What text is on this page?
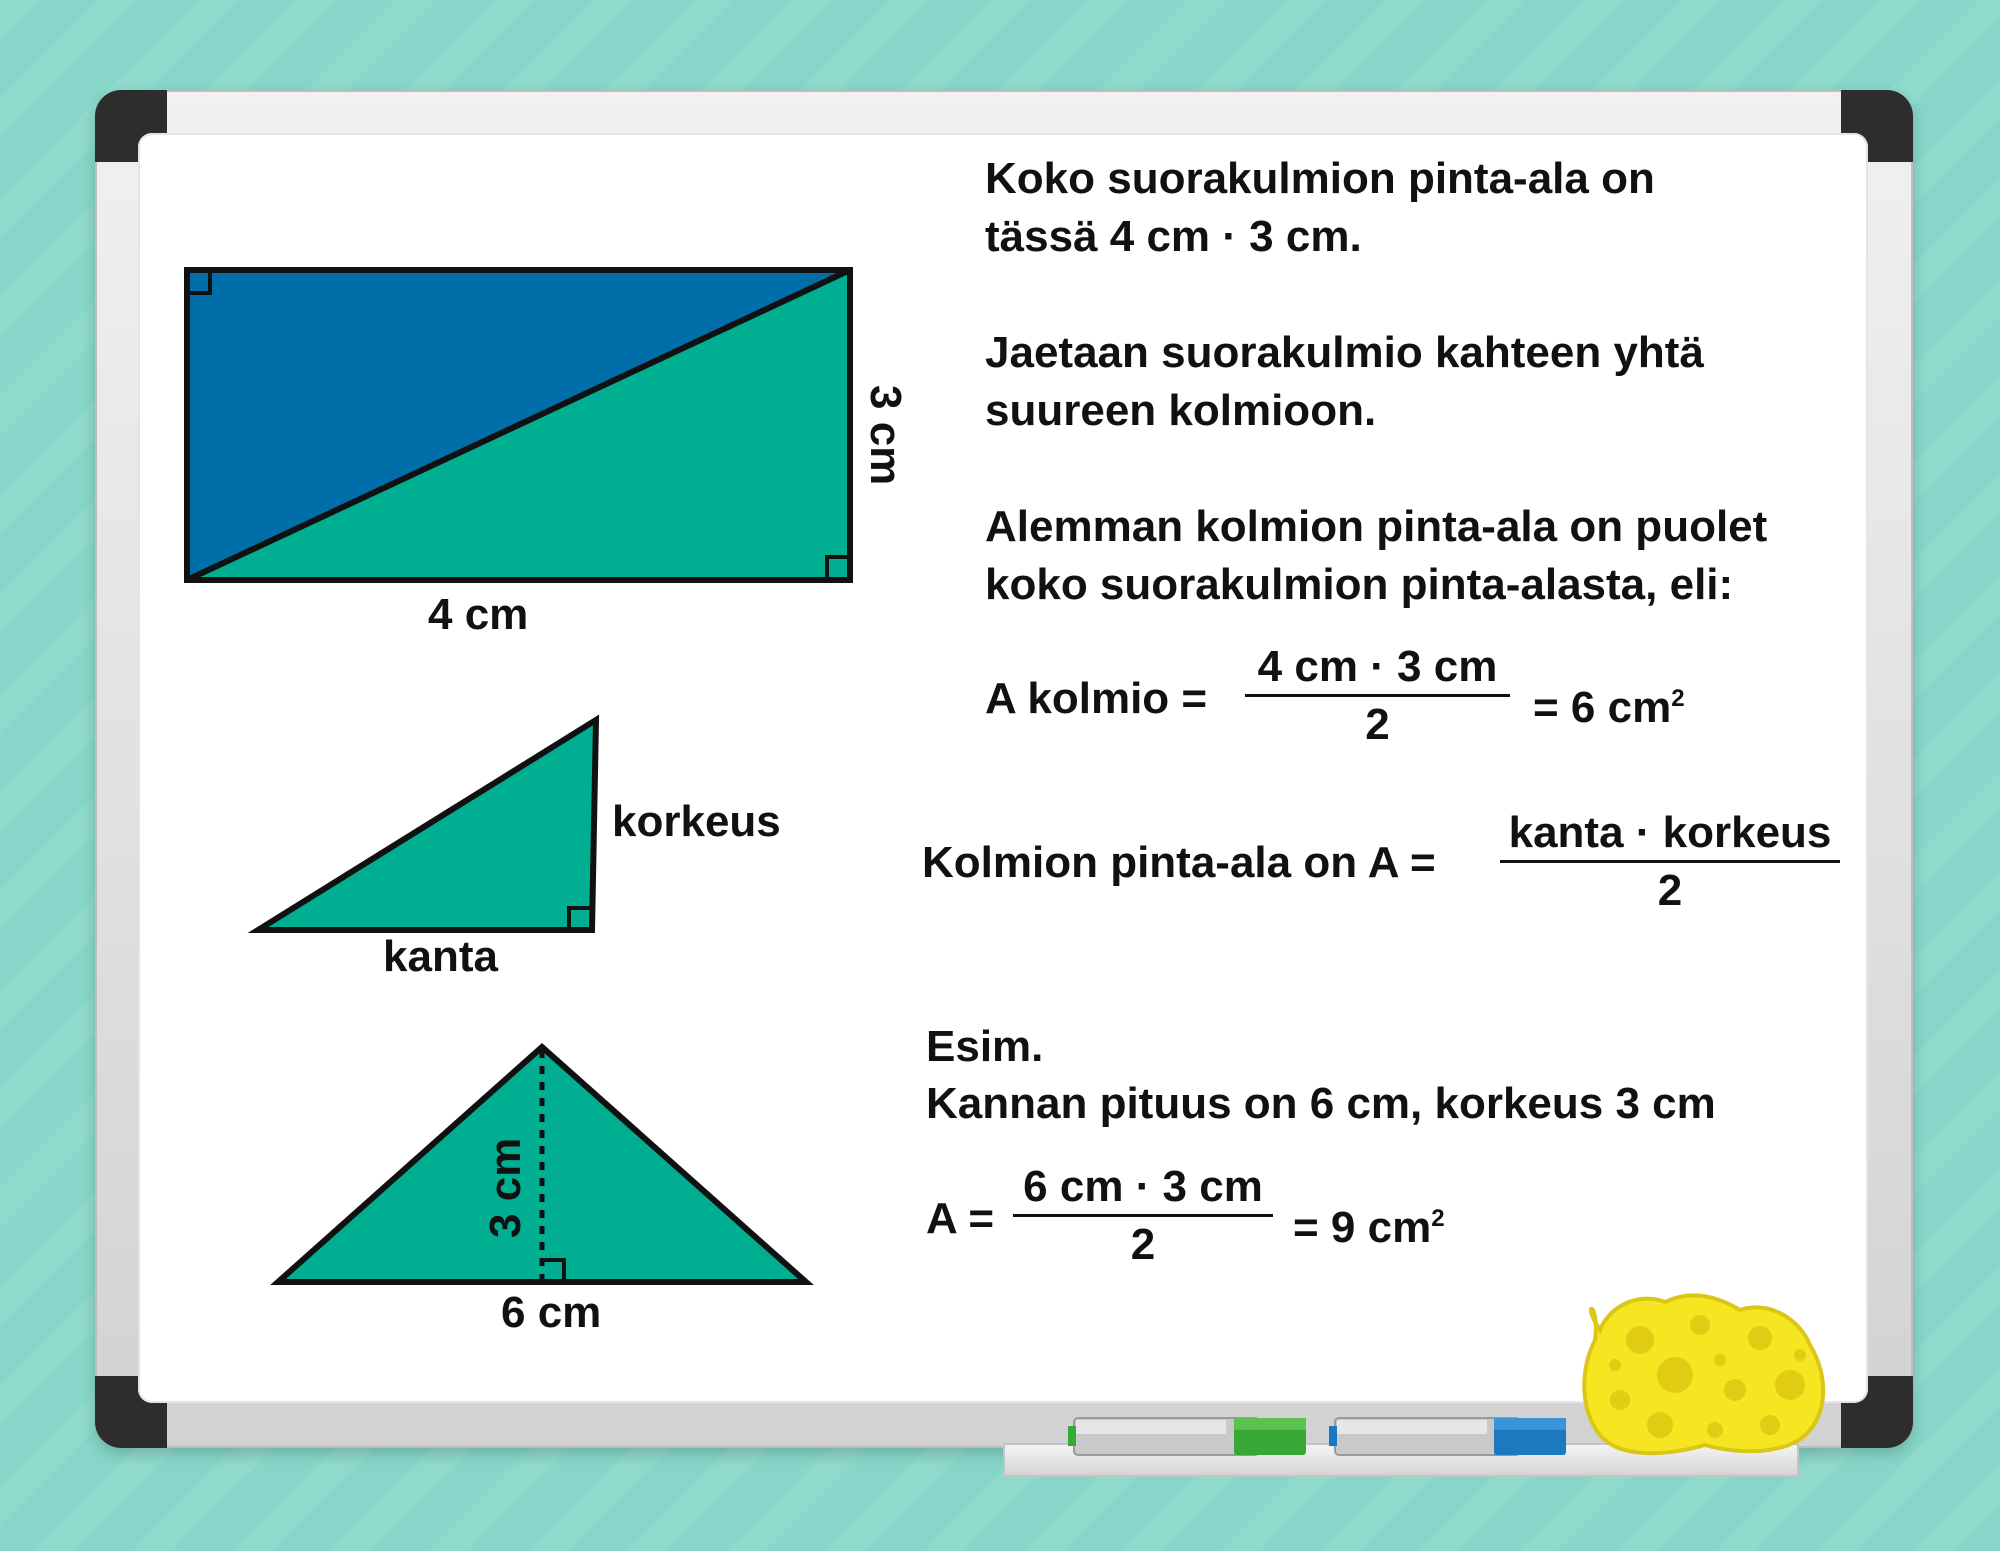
4 cm
3 cm
korkeus
kanta
3 cm
6 cm
Koko suorakulmion pinta-ala on
tässä 4 cm · 3 cm.
Jaetaan suorakulmio kahteen yhtä
suureen kolmioon.
Alemman kolmion pinta-ala on puolet
koko suorakulmion pinta-alasta, eli:
A kolmio = $\frac{4 cm \cdot 3 cm}{2} = 6$ $cm^2$
Kolmion pinta-ala on A =
kanta · korkeus
2
Esim.
Kannan pituus on 6 cm, korkeus 3 cm
$A = \frac{6 cm \cdot 3 cm}{2} = 9$ $cm^2$
